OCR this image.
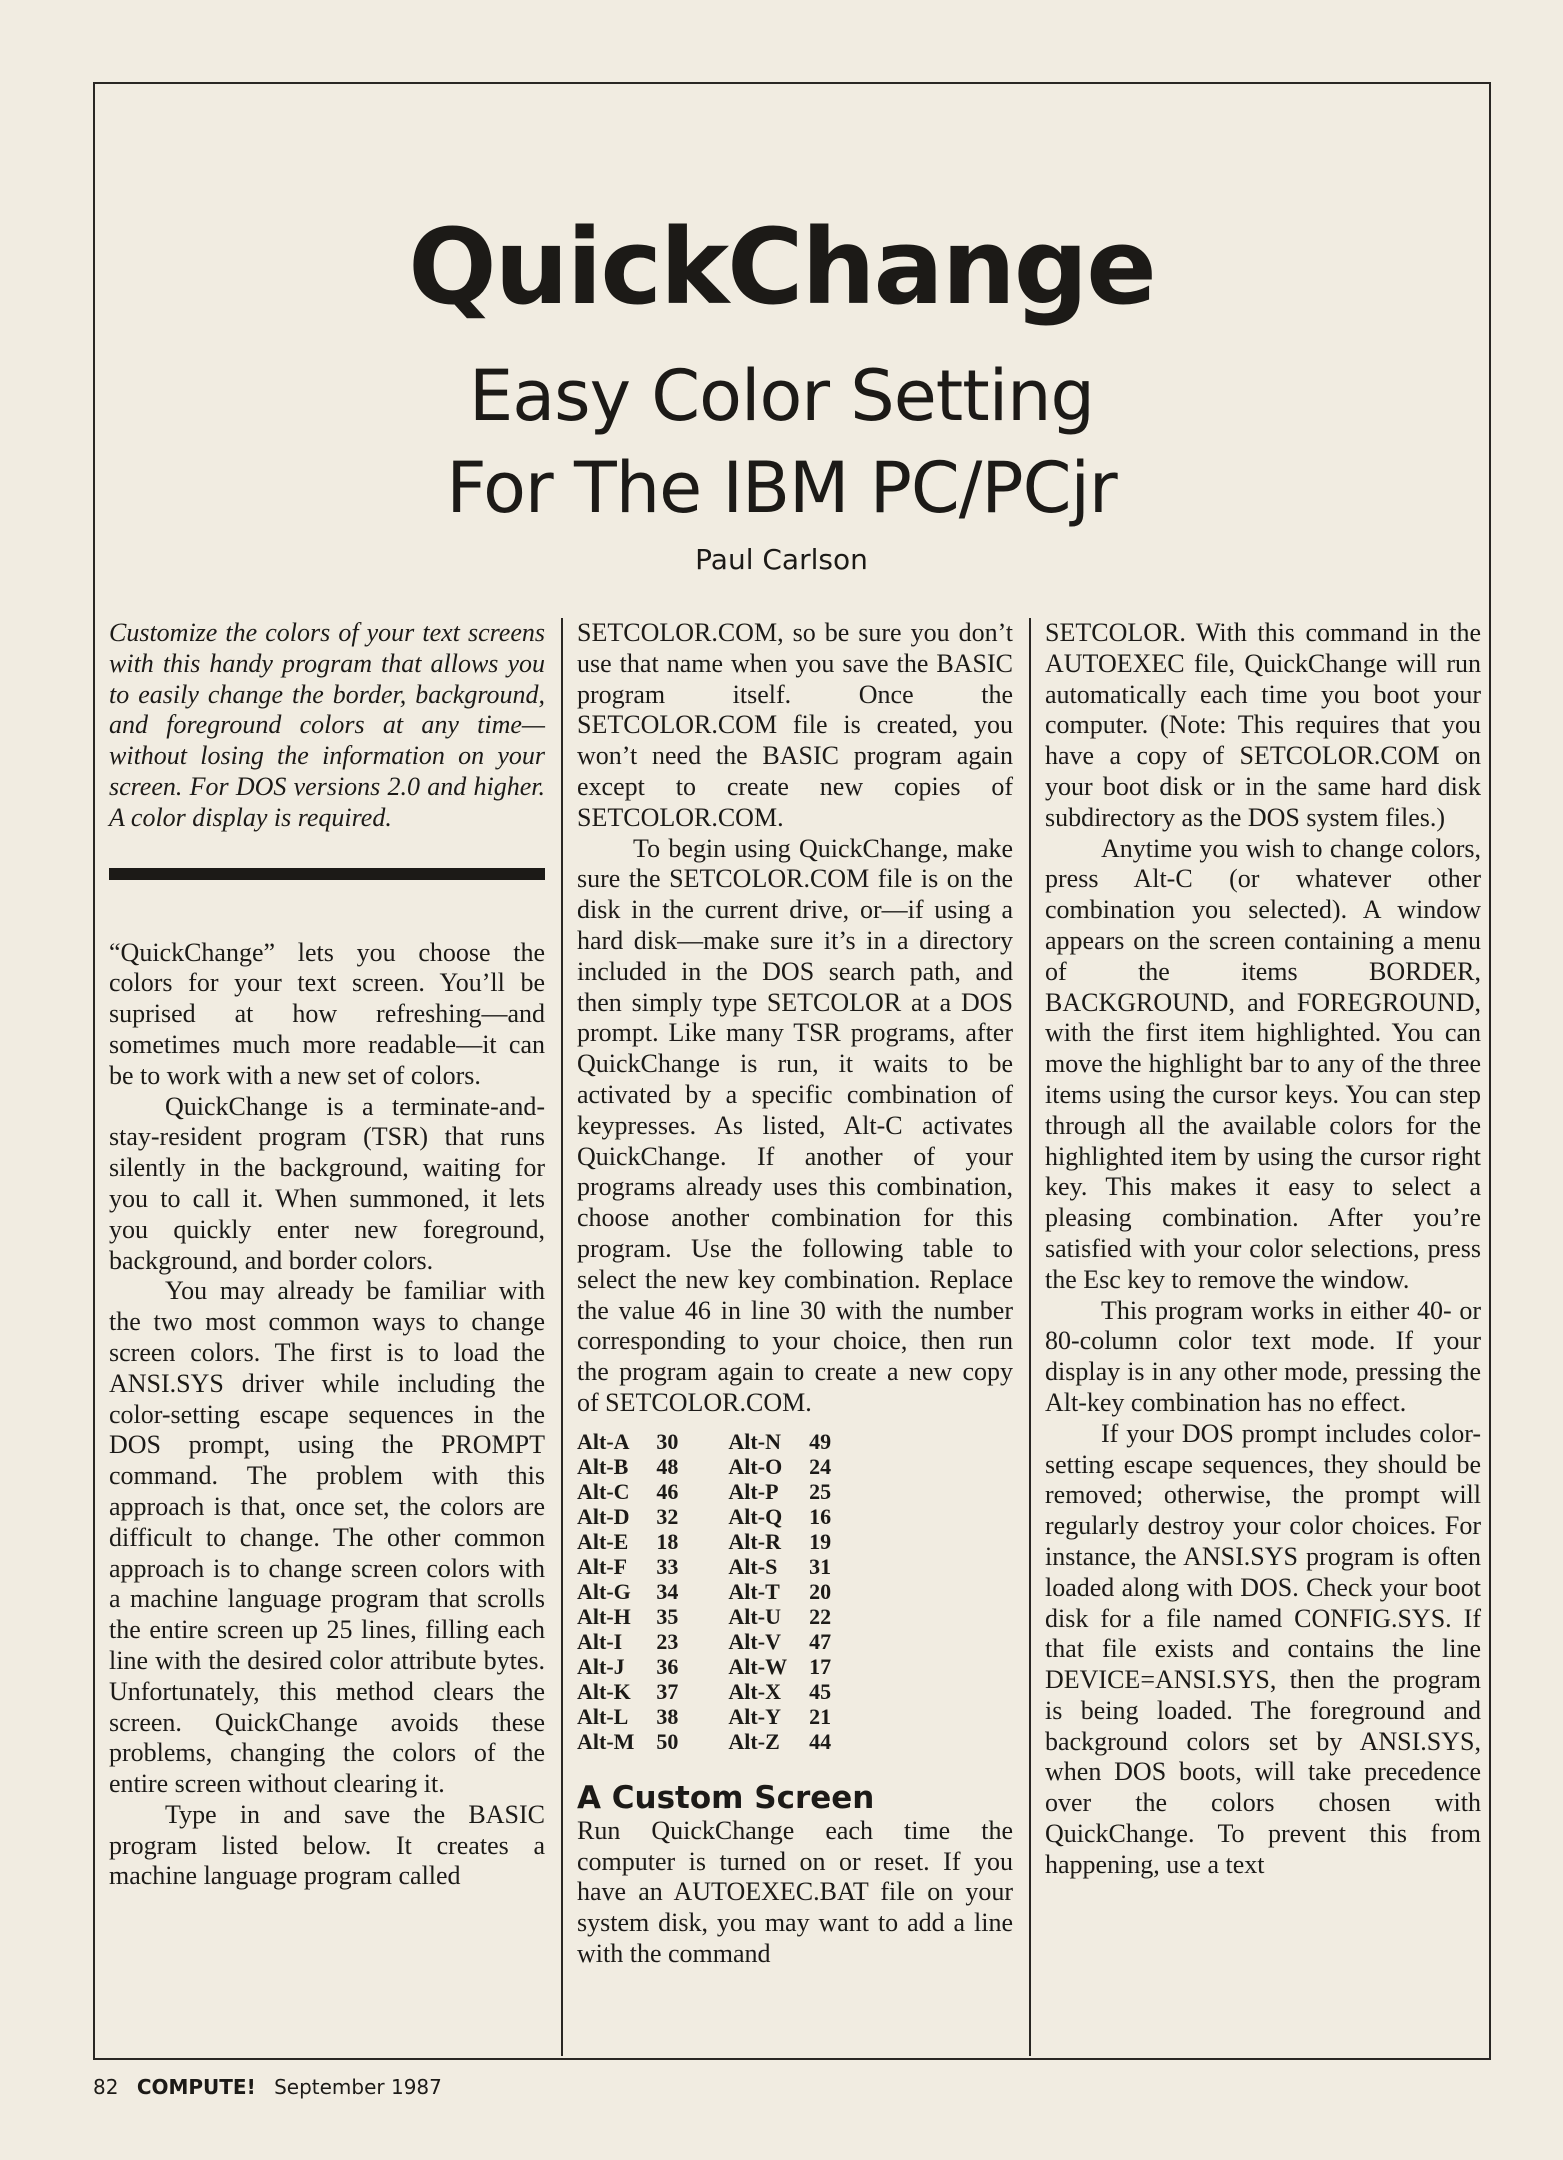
QuickChange
Easy Color Setting
For The IBM PC/PCjr
Paul Carlson

Customize the colors of your text screens with this handy program that allows you to easily change the border, background, and foreground colors at any time—without losing the information on your screen. For DOS versions 2.0 and higher. A color display is required.

“QuickChange” lets you choose the colors for your text screen. You’ll be suprised at how refreshing—and sometimes much more readable—it can be to work with a new set of colors.

QuickChange is a terminate-and-stay-resident program (TSR) that runs silently in the background, waiting for you to call it. When summoned, it lets you quickly enter new foreground, background, and border colors.

You may already be familiar with the two most common ways to change screen colors. The first is to load the ANSI.SYS driver while including the color-setting escape sequences in the DOS prompt, using the PROMPT command. The problem with this approach is that, once set, the colors are difficult to change. The other common approach is to change screen colors with a machine language program that scrolls the entire screen up 25 lines, filling each line with the desired color attribute bytes. Unfortunately, this method clears the screen. QuickChange avoids these problems, changing the colors of the entire screen without clearing it.

Type in and save the BASIC program listed below. It creates a machine language program called

SETCOLOR.COM, so be sure you don’t use that name when you save the BASIC program itself. Once the SETCOLOR.COM file is created, you won’t need the BASIC program again except to create new copies of SETCOLOR.COM.

To begin using QuickChange, make sure the SETCOLOR.COM file is on the disk in the current drive, or—if using a hard disk—make sure it’s in a directory included in the DOS search path, and then simply type SETCOLOR at a DOS prompt. Like many TSR programs, after QuickChange is run, it waits to be activated by a specific combination of keypresses. As listed, Alt-C activates QuickChange. If another of your programs already uses this combination, choose another combination for this program. Use the following table to select the new key combination. Replace the value 46 in line 30 with the number corresponding to your choice, then run the program again to create a new copy of SETCOLOR.COM.

Alt-A	30	Alt-N	49
Alt-B	48	Alt-O	24
Alt-C	46	Alt-P	25
Alt-D	32	Alt-Q	16
Alt-E	18	Alt-R	19
Alt-F	33	Alt-S	31
Alt-G	34	Alt-T	20
Alt-H	35	Alt-U	22
Alt-I	23	Alt-V	47
Alt-J	36	Alt-W	17
Alt-K	37	Alt-X	45
Alt-L	38	Alt-Y	21
Alt-M	50	Alt-Z	44
A Custom Screen

Run QuickChange each time the computer is turned on or reset. If you have an AUTOEXEC.BAT file on your system disk, you may want to add a line with the command

SETCOLOR. With this command in the AUTOEXEC file, QuickChange will run automatically each time you boot your computer. (Note: This requires that you have a copy of SETCOLOR.COM on your boot disk or in the same hard disk subdirectory as the DOS system files.)

Anytime you wish to change colors, press Alt-C (or whatever other combination you selected). A window appears on the screen containing a menu of the items BORDER, BACKGROUND, and FOREGROUND, with the first item highlighted. You can move the highlight bar to any of the three items using the cursor keys. You can step through all the available colors for the highlighted item by using the cursor right key. This makes it easy to select a pleasing combination. After you’re satisfied with your color selections, press the Esc key to remove the window.

This program works in either 40- or 80-column color text mode. If your display is in any other mode, pressing the Alt-key combination has no effect.

If your DOS prompt includes color-setting escape sequences, they should be removed; otherwise, the prompt will regularly destroy your color choices. For instance, the ANSI.SYS program is often loaded along with DOS. Check your boot disk for a file named CONFIG.SYS. If that file exists and contains the line DEVICE=ANSI.SYS, then the program is being loaded. The foreground and background colors set by ANSI.SYS, when DOS boots, will take precedence over the colors chosen with QuickChange. To prevent this from happening, use a text

82 COMPUTE! September 1987
